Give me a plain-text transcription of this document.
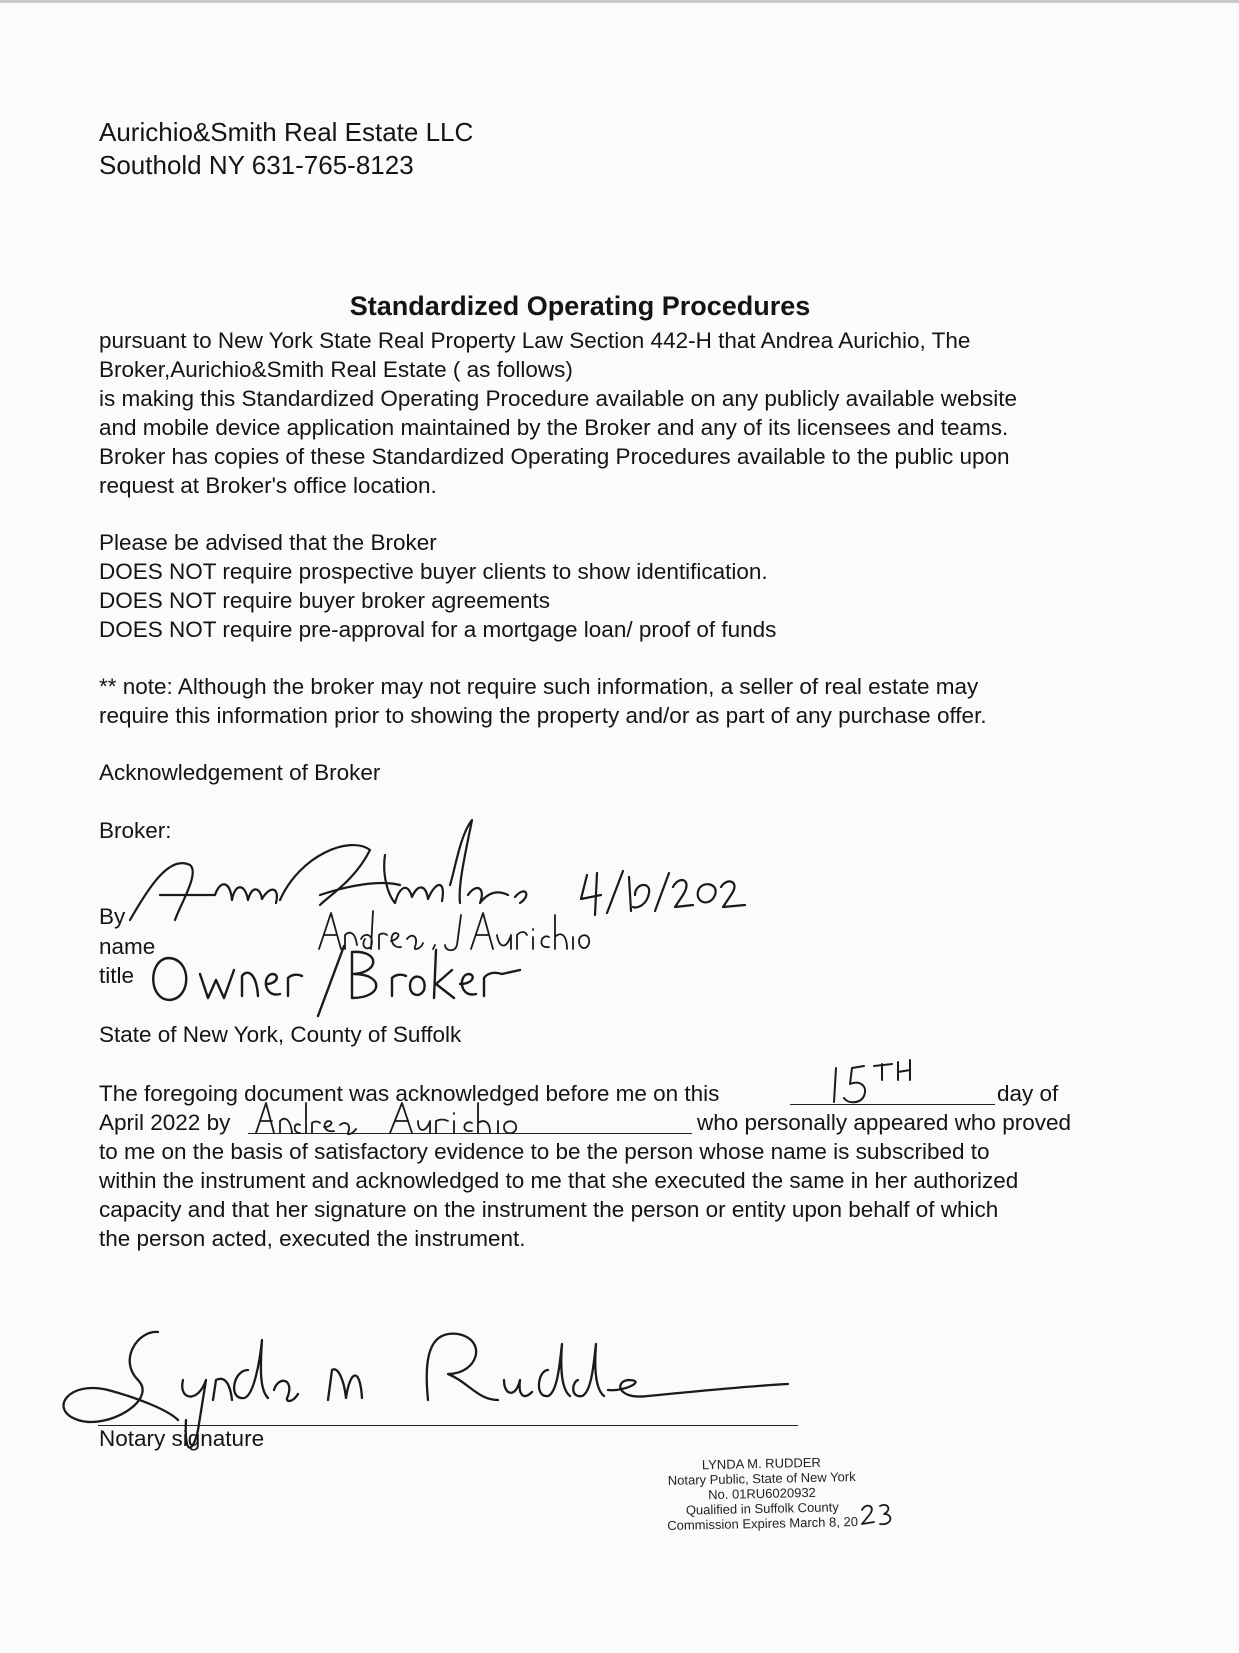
Aurichio&Smith Real Estate LLC
Southold NY 631-765-8123
Standardized Operating Procedures
pursuant to New York State Real Property Law Section 442-H that Andrea Aurichio, The
Broker,Aurichio&Smith Real Estate ( as follows)
is making this Standardized Operating Procedure available on any publicly available website
and mobile device application maintained by the Broker and any of its licensees and teams.
Broker has copies of these Standardized Operating Procedures available to the public upon
request at Broker's office location.
Please be advised that the Broker
DOES NOT require prospective buyer clients to show identification.
DOES NOT require buyer broker agreements
DOES NOT require pre-approval for a mortgage loan/ proof of funds
** note: Although the broker may not require such information, a seller of real estate may
require this information prior to showing the property and/or as part of any purchase offer.
Acknowledgement of Broker
Broker:
By
name
title
State of New York, County of Suffolk
The foregoing document was acknowledged before me on this	day of
April 2022 by	who personally appeared who proved
to me on the basis of satisfactory evidence to be the person whose name is subscribed to
within the instrument and acknowledged to me that she executed the same in her authorized
capacity and that her signature on the instrument the person or entity upon behalf of which
the person acted, executed the instrument.
Notary signature
LYNDA M. RUDDER
Notary Public, State of New York
No. 01RU6020932
Qualified in Suffolk County
Commission Expires March 8, 20
